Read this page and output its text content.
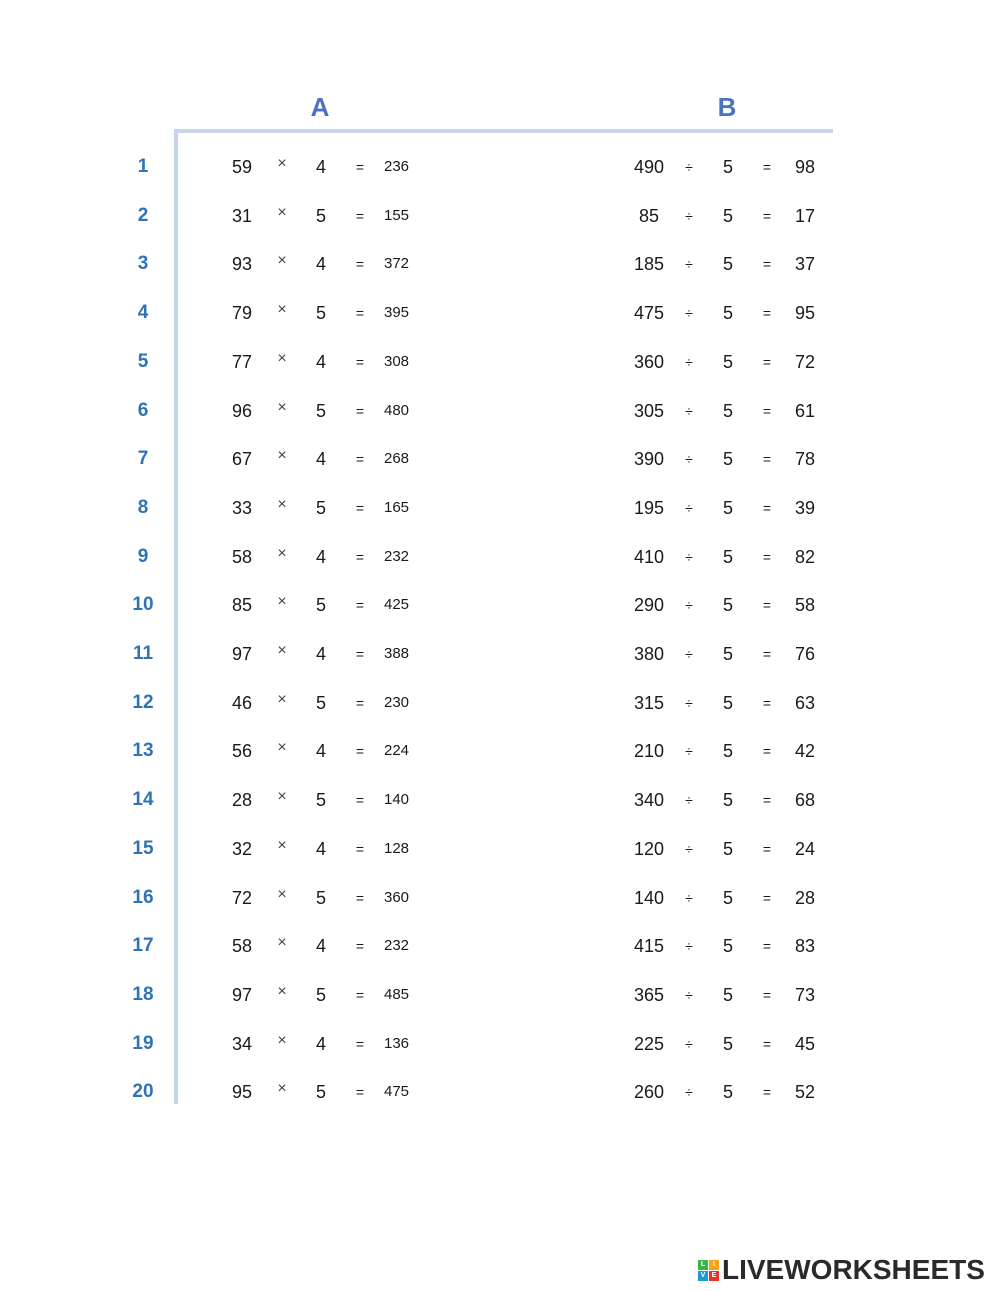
A	B
1	59	×	4	=	236	490	÷	5	=	98
2	31	×	5	=	155	85	÷	5	=	17
3	93	×	4	=	372	185	÷	5	=	37
4	79	×	5	=	395	475	÷	5	=	95
5	77	×	4	=	308	360	÷	5	=	72
6	96	×	5	=	480	305	÷	5	=	61
7	67	×	4	=	268	390	÷	5	=	78
8	33	×	5	=	165	195	÷	5	=	39
9	58	×	4	=	232	410	÷	5	=	82
10	85	×	5	=	425	290	÷	5	=	58
11	97	×	4	=	388	380	÷	5	=	76
12	46	×	5	=	230	315	÷	5	=	63
13	56	×	4	=	224	210	÷	5	=	42
14	28	×	5	=	140	340	÷	5	=	68
15	32	×	4	=	128	120	÷	5	=	24
16	72	×	5	=	360	140	÷	5	=	28
17	58	×	4	=	232	415	÷	5	=	83
18	97	×	5	=	485	365	÷	5	=	73
19	34	×	4	=	136	225	÷	5	=	45
20	95	×	5	=	475	260	÷	5	=	52
L	I
V E LIVEWORKSHEETS
